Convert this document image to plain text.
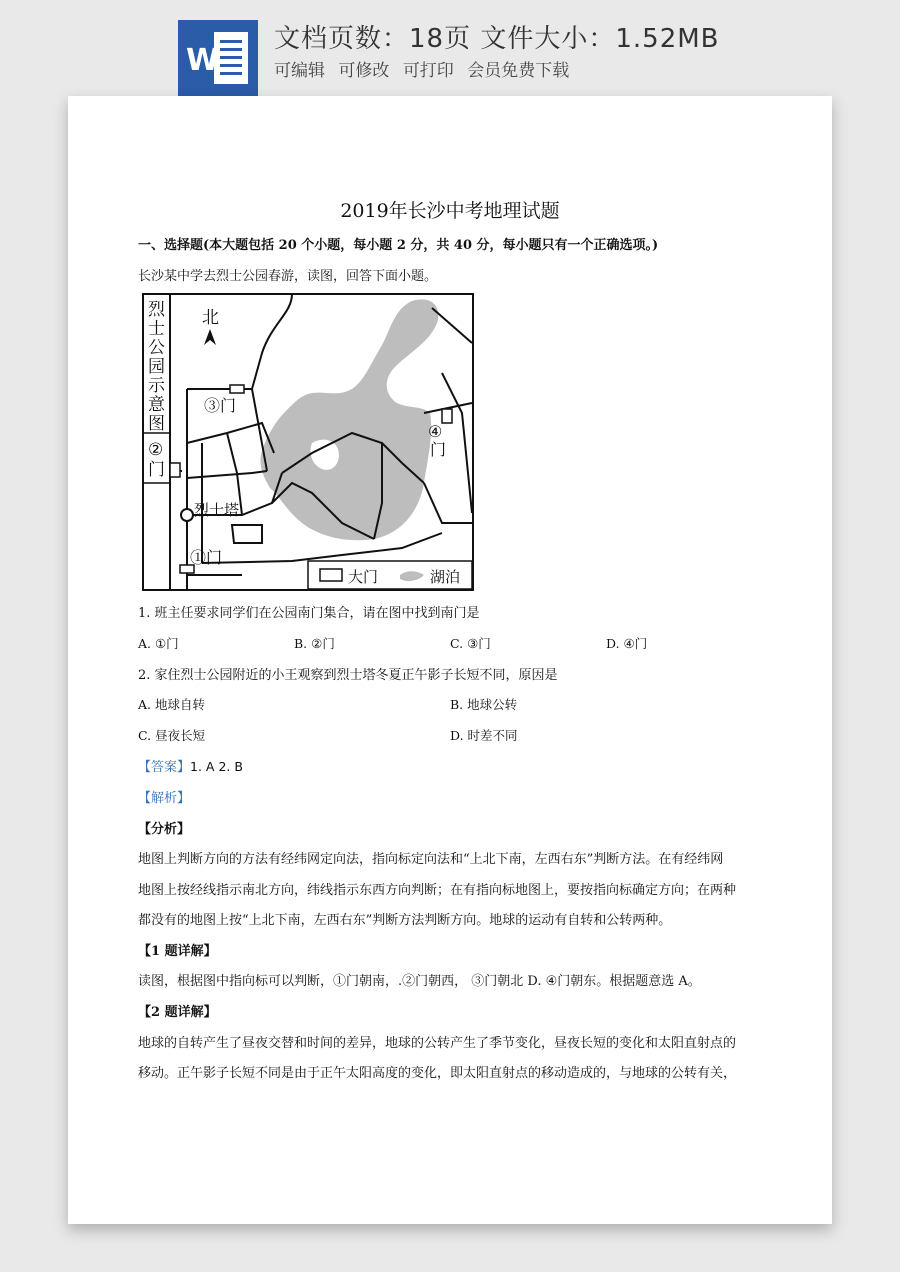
W
文档页数：18页 文件大小：1.52MB
可编辑 可修改 可打印 会员免费下载
2019年长沙中考地理试题
一、选择题(本大题包括 20 个小题，每小题 2 分，共 40 分，每小题只有一个正确选项。)
长沙某中学去烈士公园春游，读图，回答下面小题。
烈
士
公
园
示
意
图
②
门
北
③门
④
门
烈士塔
①门
大门	湖泊
1. 班主任要求同学们在公园南门集合，请在图中找到南门是
A. ①门	B. ②门	C. ③门	D. ④门
2. 家住烈士公园附近的小王观察到烈士塔冬夏正午影子长短不同，原因是
A. 地球自转	B. 地球公转
C. 昼夜长短	D. 时差不同
【答案】1. A 2. B
【解析】
【分析】
地图上判断方向的方法有经纬网定向法，指向标定向法和“上北下南，左西右东”判断方法。在有经纬网
地图上按经线指示南北方向，纬线指示东西方向判断；在有指向标地图上，要按指向标确定方向；在两种
都没有的地图上按“上北下南，左西右东”判断方法判断方向。地球的运动有自转和公转两种。
【1 题详解】
读图，根据图中指向标可以判断，①门朝南，.②门朝西， ③门朝北 D. ④门朝东。根据题意选 A。
【2 题详解】
地球的自转产生了昼夜交替和时间的差异，地球的公转产生了季节变化，昼夜长短的变化和太阳直射点的
移动。正午影子长短不同是由于正午太阳高度的变化，即太阳直射点的移动造成的，与地球的公转有关，
